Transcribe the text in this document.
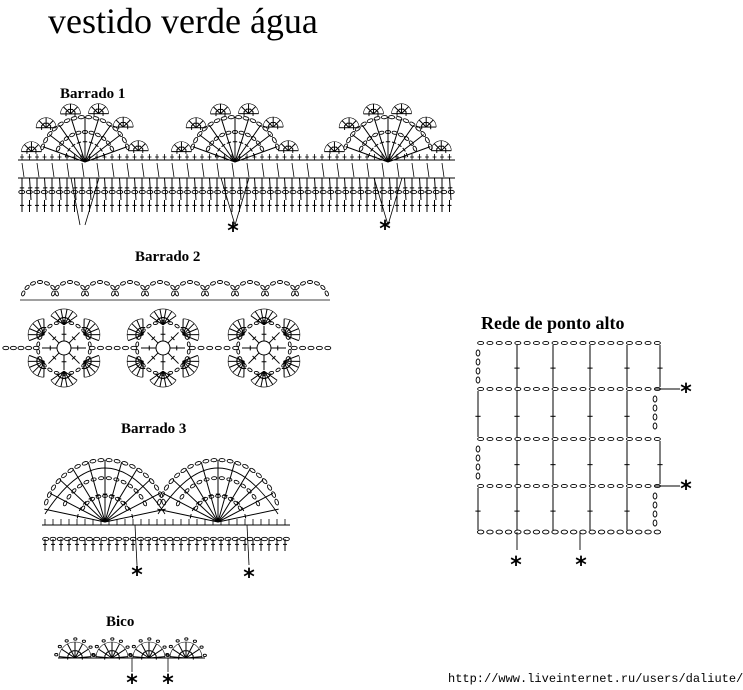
vestido verde água
Barrado 1
Barrado 2
Barrado 3
Bico
Rede de ponto alto
http://www.liveinternet.ru/users/daliute/
*	*
*	*
* *
*
*
* *
